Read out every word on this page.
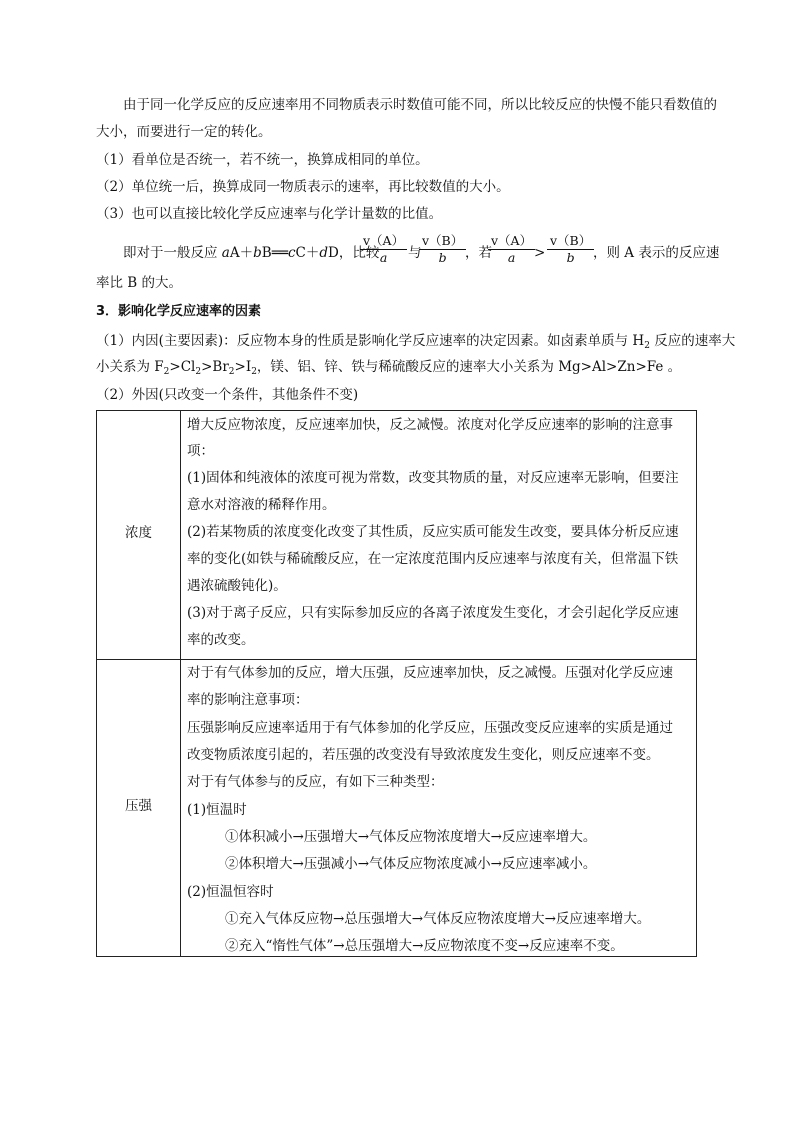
由于同一化学反应的反应速率用不同物质表示时数值可能不同，所以比较反应的快慢不能只看数值的
大小，而要进行一定的转化。
（1）看单位是否统一，若不统一，换算成相同的单位。
（2）单位统一后，换算成同一物质表示的速率，再比较数值的大小。
（3）也可以直接比较化学反应速率与化学计量数的比值。
即对于一般反应 aA＋bB══cC＋dD，比较
$\frac{v(A)}{a}$ 与
$\frac{v(B)}{b}$
，若
$\frac{v(A)}{a}$
> $\frac{v(B)}{b}$
，则 A 表示的反应速
率比 B 的大。
3．影响化学反应速率的因素
（1）内因(主要因素)：反应物本身的性质是影响化学反应速率的决定因素。如卤素单质与 $H_2$ 反应的速率大
小关系为 $F_2>Cl_2>Br_2>I_2$，镁、铝、锌、铁与稀硫酸反应的速率大小关系为 Mg>Al>Zn>Fe 。
（2）外因(只改变一个条件，其他条件不变)
浓度
增大反应物浓度，反应速率加快，反之减慢。浓度对化学反应速率的影响的注意事
项：
(1)固体和纯液体的浓度可视为常数，改变其物质的量，对反应速率无影响，但要注
意水对溶液的稀释作用。
(2)若某物质的浓度变化改变了其性质，反应实质可能发生改变，要具体分析反应速
率的变化(如铁与稀硫酸反应，在一定浓度范围内反应速率与浓度有关，但常温下铁
遇浓硫酸钝化)。
(3)对于离子反应，只有实际参加反应的各离子浓度发生变化，才会引起化学反应速
率的改变。
压强
对于有气体参加的反应，增大压强，反应速率加快，反之减慢。压强对化学反应速
率的影响注意事项：
压强影响反应速率适用于有气体参加的化学反应，压强改变反应速率的实质是通过
改变物质浓度引起的，若压强的改变没有导致浓度发生变化，则反应速率不变。
对于有气体参与的反应，有如下三种类型：
(1)恒温时
①体积减小→压强增大→气体反应物浓度增大→反应速率增大。
②体积增大→压强减小→气体反应物浓度减小→反应速率减小。
(2)恒温恒容时
①充入气体反应物→总压强增大→气体反应物浓度增大→反应速率增大。
②充入“惰性气体”→总压强增大→反应物浓度不变→反应速率不变。
